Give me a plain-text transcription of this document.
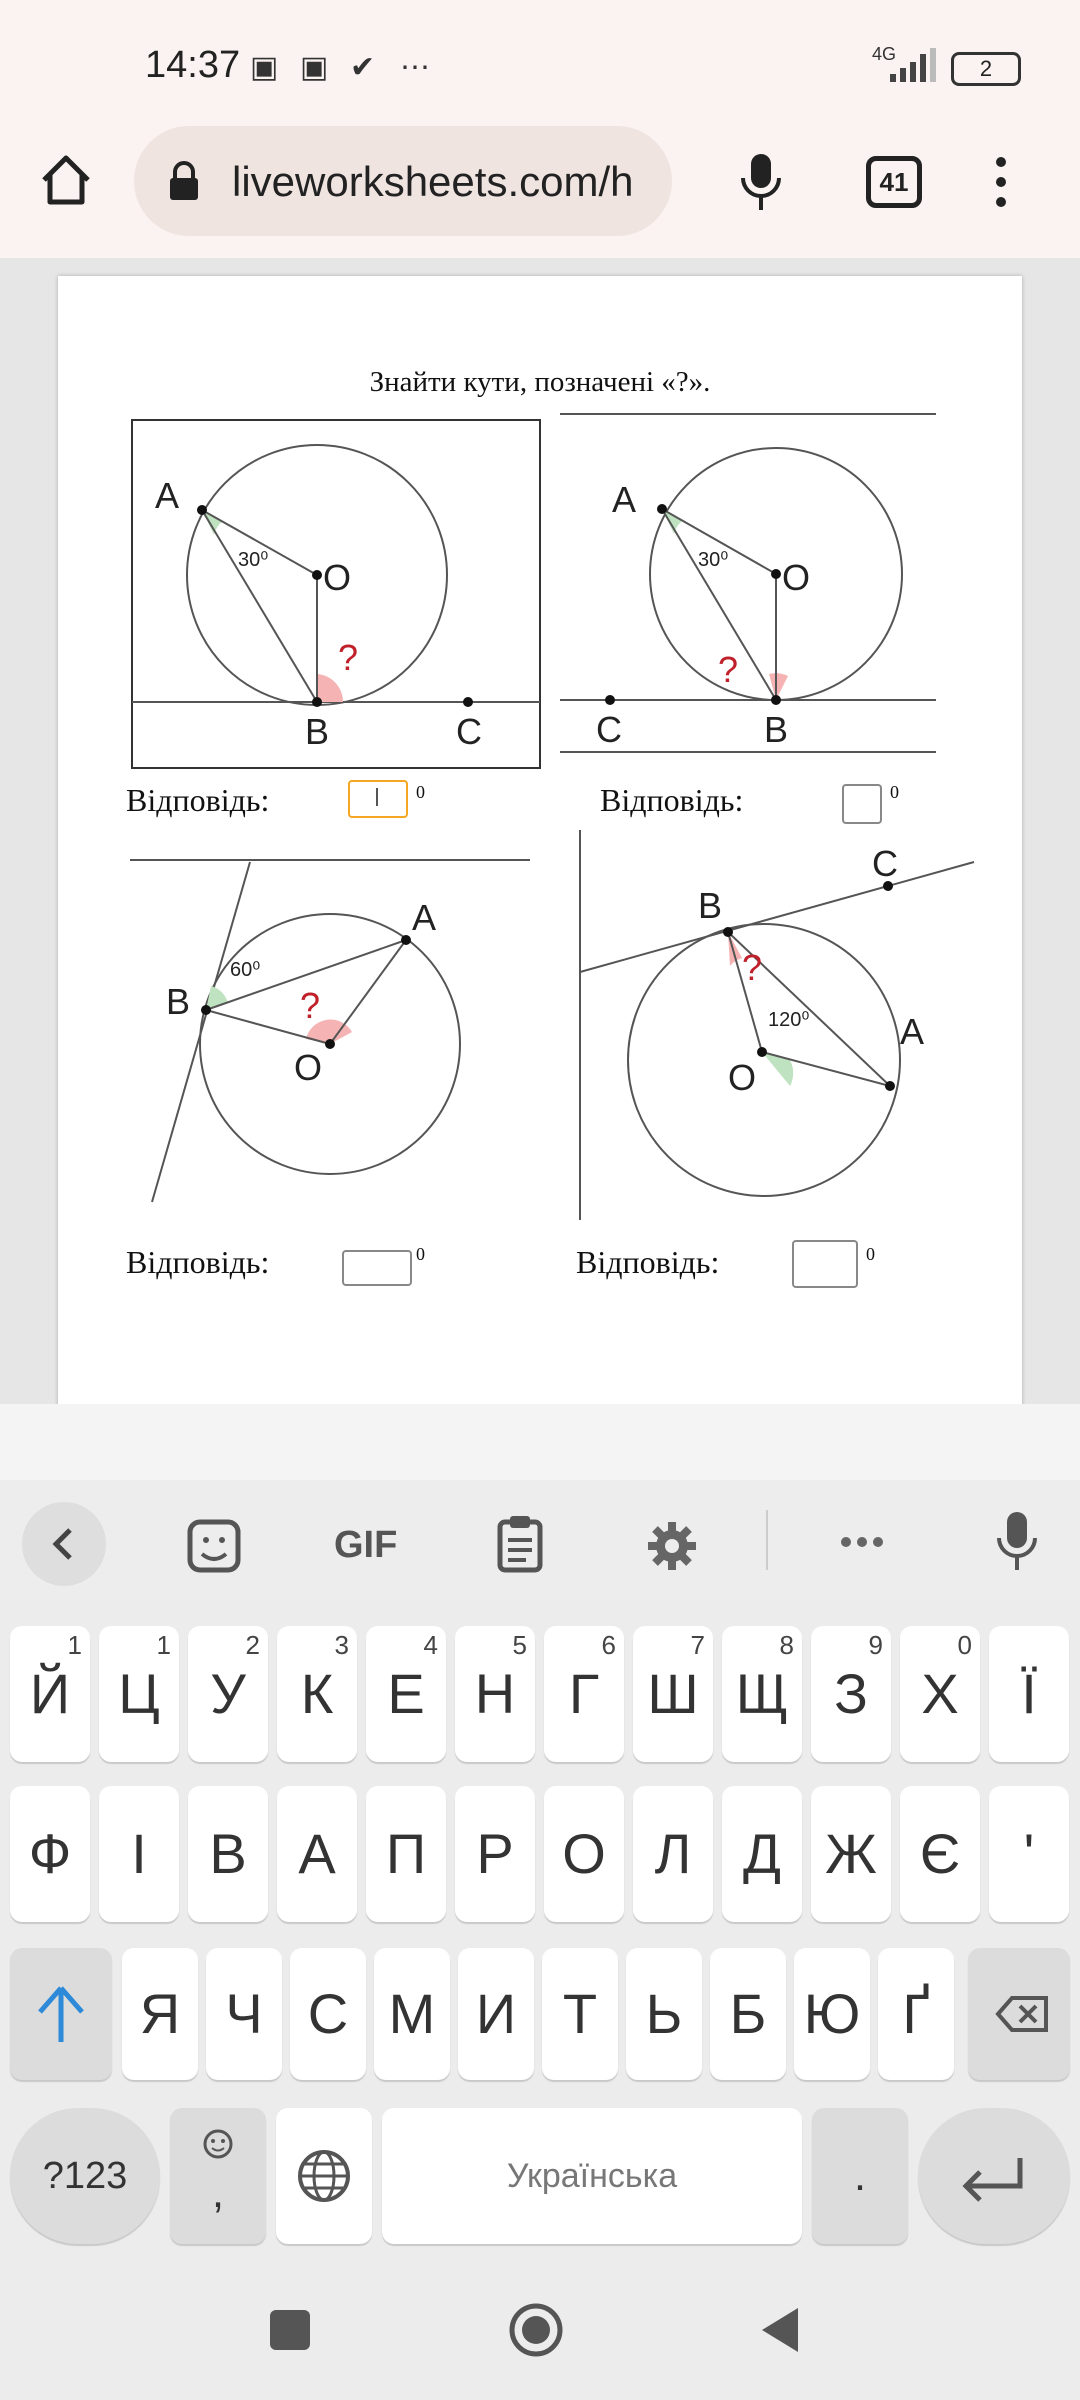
14:37 ▣ ▣ ✔ ⋯	4G
2
liveworksheets.com/h	41
Знайти кути, позначені «?».
A
O
B	C
30⁰
?
Відповідь:	0
A
O
C	B
30⁰
?
Відповідь:	0
B
A
O
60⁰
?
Відповідь:	0
B
C
O
A
120⁰
?
Відповідь:	0
GIF
Й
1
Ц
1
У
2
К
3
Е
4
Н
5
Г
6
Ш
7
Щ
8
З
9
Х
0
Ї
Ф	І	В А П Р О Л Д Ж Є	'
Я Ч С М И Т Ь Б Ю Ґ
?123	,	Українська	.
